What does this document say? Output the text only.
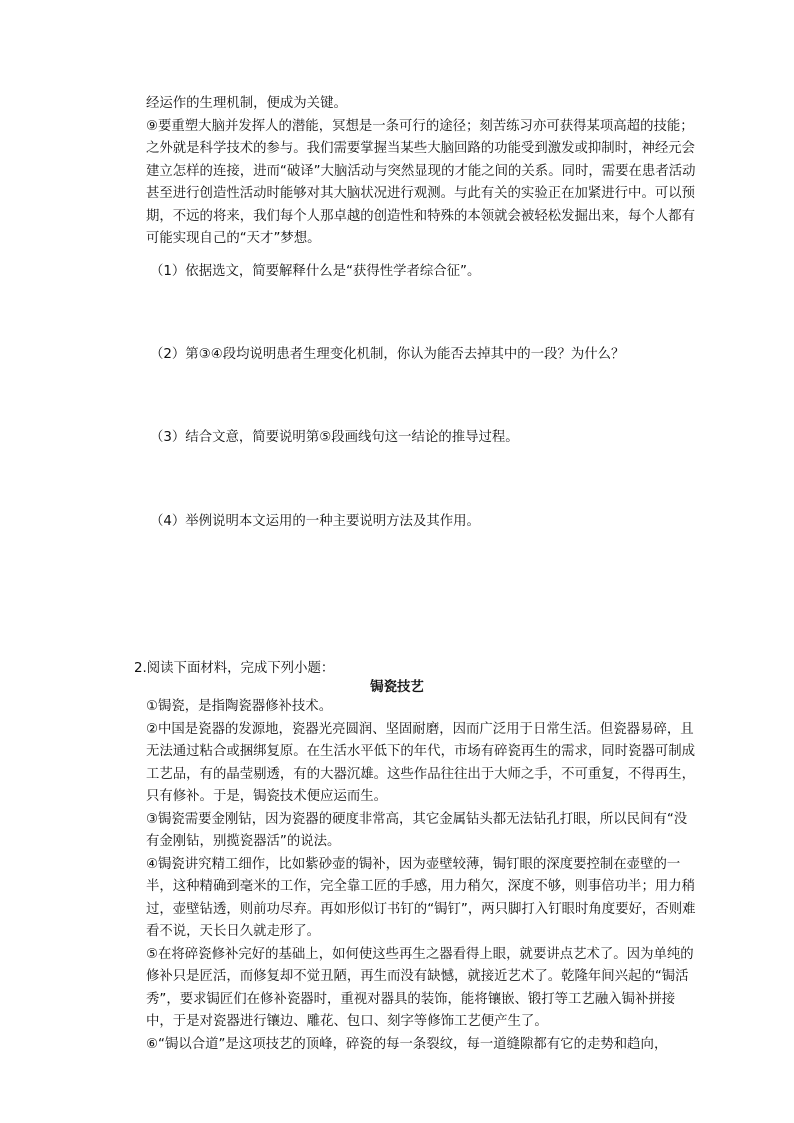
经运作的生理机制，便成为关键。

⑨要重塑大脑并发挥人的潜能，冥想是一条可行的途径；刻苦练习亦可获得某项高超的技能；之外就是科学技术的参与。我们需要掌握当某些大脑回路的功能受到激发或抑制时，神经元会建立怎样的连接，进而“破译”大脑活动与突然显现的才能之间的关系。同时，需要在患者活动甚至进行创造性活动时能够对其大脑状况进行观测。与此有关的实验正在加紧进行中。可以预期，不远的将来，我们每个人那卓越的创造性和特殊的本领就会被轻松发掘出来，每个人都有可能实现自己的“天才”梦想。

（1）依据选文，简要解释什么是“获得性学者综合征”。

（2）第③④段均说明患者生理变化机制，你认为能否去掉其中的一段？为什么？

（3）结合文意，简要说明第⑤段画线句这一结论的推导过程。

（4）举例说明本文运用的一种主要说明方法及其作用。

2.阅读下面材料，完成下列小题：

锔瓷技艺

①锔瓷，是指陶瓷器修补技术。

②中国是瓷器的发源地，瓷器光亮圆润、坚固耐磨，因而广泛用于日常生活。但瓷器易碎，且无法通过粘合或捆绑复原。在生活水平低下的年代，市场有碎瓷再生的需求，同时瓷器可制成工艺品，有的晶莹剔透，有的大器沉雄。这些作品往往出于大师之手，不可重复，不得再生，只有修补。于是，锔瓷技术便应运而生。

③锔瓷需要金刚钻，因为瓷器的硬度非常高，其它金属钻头都无法钻孔打眼，所以民间有“没有金刚钻，别揽瓷器活”的说法。

④锔瓷讲究精工细作，比如紫砂壶的锔补，因为壶壁较薄，锔钉眼的深度要控制在壶壁的一半，这种精确到毫米的工作，完全靠工匠的手感，用力稍欠，深度不够，则事倍功半；用力稍过，壶壁钻透，则前功尽弃。再如形似订书钉的“锔钉”，两只脚打入钉眼时角度要好，否则难看不说，天长日久就走形了。

⑤在将碎瓷修补完好的基础上，如何使这些再生之器看得上眼，就要讲点艺术了。因为单纯的修补只是匠活，而修复却不觉丑陋，再生而没有缺憾，就接近艺术了。乾隆年间兴起的“锔活秀”，要求锔匠们在修补瓷器时，重视对器具的装饰，能将镶嵌、锻打等工艺融入锔补拼接中，于是对瓷器进行镶边、雕花、包口、刻字等修饰工艺便产生了。

⑥“锔以合道”是这项技艺的顶峰，碎瓷的每一条裂纹，每一道缝隙都有它的走势和趋向，
